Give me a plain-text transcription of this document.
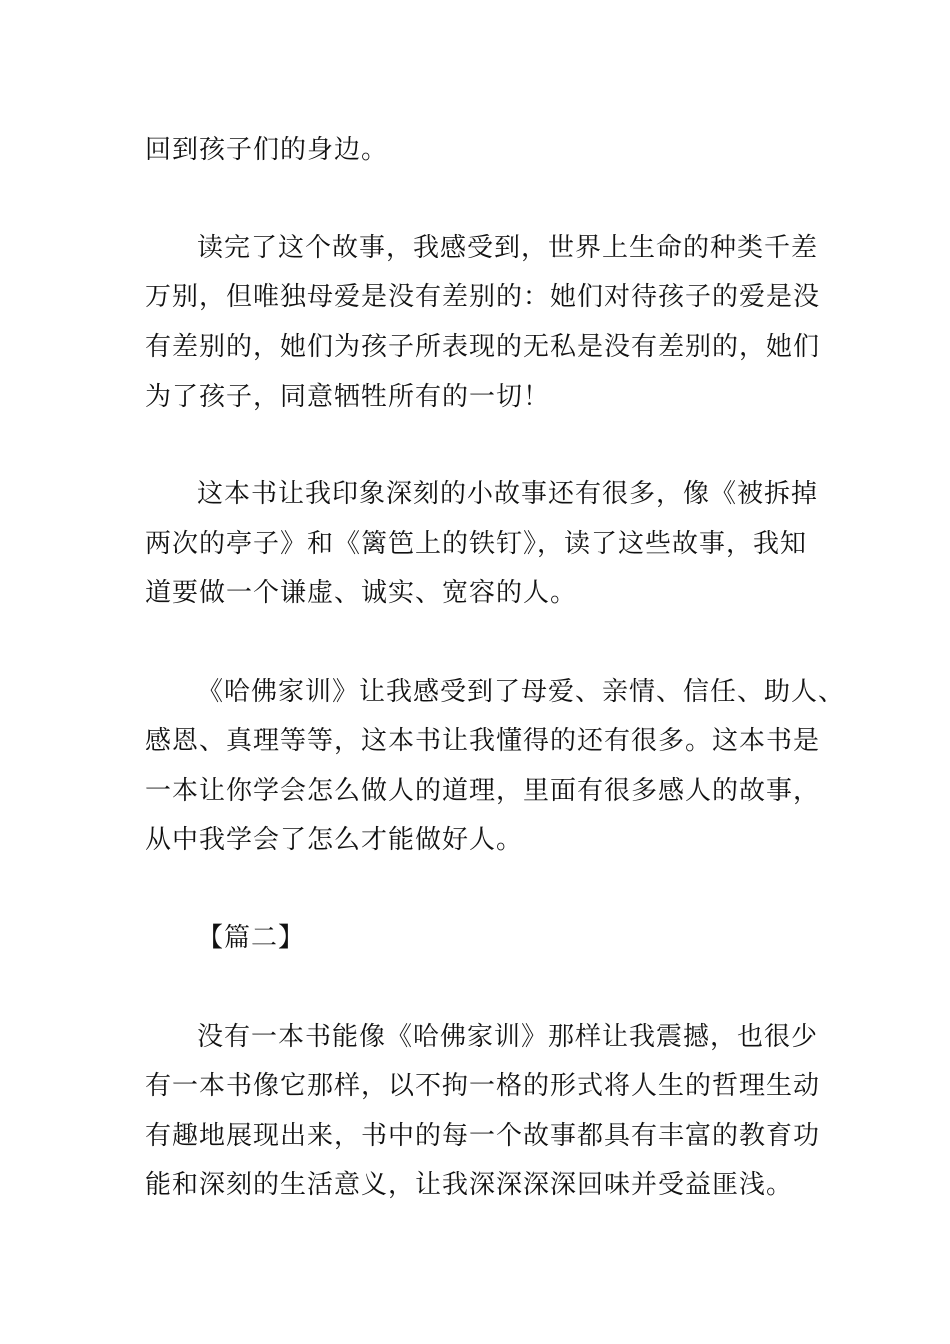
回到孩子们的身边。
读完了这个故事，我感受到，世界上生命的种类千差
万别，但唯独母爱是没有差别的：她们对待孩子的爱是没
有差别的，她们为孩子所表现的无私是没有差别的，她们
为了孩子，同意牺牲所有的一切！
这本书让我印象深刻的小故事还有很多，像《被拆掉
两次的亭子》和《篱笆上的铁钉》，读了这些故事，我知
道要做一个谦虚、诚实、宽容的人。
《哈佛家训》让我感受到了母爱、亲情、信任、助人、
感恩、真理等等，这本书让我懂得的还有很多。这本书是
一本让你学会怎么做人的道理，里面有很多感人的故事，
从中我学会了怎么才能做好人。
【篇二】
没有一本书能像《哈佛家训》那样让我震撼，也很少
有一本书像它那样，以不拘一格的形式将人生的哲理生动
有趣地展现出来，书中的每一个故事都具有丰富的教育功
能和深刻的生活意义，让我深深深深回味并受益匪浅。
